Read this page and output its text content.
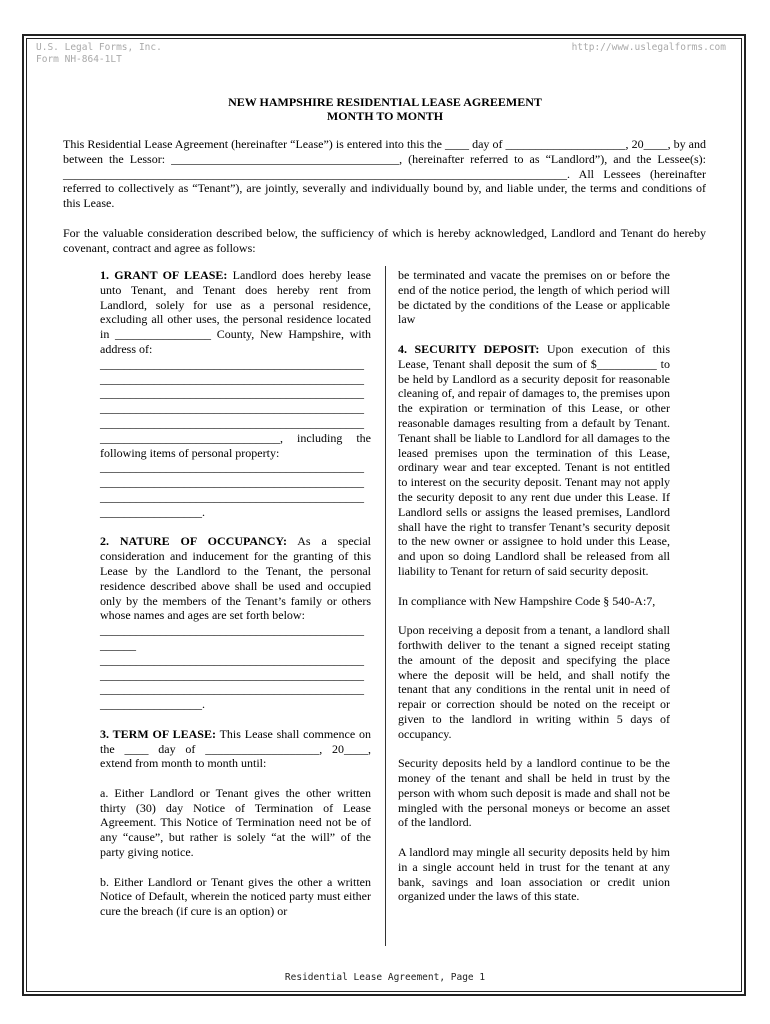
U.S. Legal Forms, Inc.
Form NH-864-1LT
http://www.uslegalforms.com
NEW HAMPSHIRE RESIDENTIAL LEASE AGREEMENT
MONTH TO MONTH

This Residential Lease Agreement (hereinafter “Lease”) is entered into this the ____ day of ____________________, 20____, by and between the Lessor: ______________________________________, (hereinafter referred to as “Landlord”), and the Lessee(s): ____________________________________________________________________________________. All Lessees (hereinafter referred to collectively as “Tenant”), are jointly, severally and individually bound by, and liable under, the terms and conditions of this Lease.

For the valuable consideration described below, the sufficiency of which is hereby acknowledged, Landlord and Tenant do hereby covenant, contract and agree as follows:

1. GRANT OF LEASE: Landlord does hereby lease unto Tenant, and Tenant does hereby rent from Landlord, solely for use as a personal residence, excluding all other uses, the personal residence located in ________________ County, New Hampshire, with address of:
____________________________________________
____________________________________________
____________________________________________
____________________________________________
____________________________________________
______________________________, including the following items of personal property:
____________________________________________
____________________________________________
____________________________________________
_________________.

2. NATURE OF OCCUPANCY: As a special consideration and inducement for the granting of this Lease by the Landlord to the Tenant, the personal residence described above shall be used and occupied only by the members of the Tenant’s family or others whose names and ages are set forth below:
____________________________________________
______
____________________________________________
____________________________________________
____________________________________________
_________________.

3. TERM OF LEASE: This Lease shall commence on the ____ day of ___________________, 20____, extend from month to month until:

a. Either Landlord or Tenant gives the other written thirty (30) day Notice of Termination of Lease Agreement. This Notice of Termination need not be of any “cause”, but rather is solely “at the will” of the party giving notice.

b. Either Landlord or Tenant gives the other a written Notice of Default, wherein the noticed party must either cure the breach (if cure is an option) or

be terminated and vacate the premises on or before the end of the notice period, the length of which period will be dictated by the conditions of the Lease or applicable law

4. SECURITY DEPOSIT: Upon execution of this Lease, Tenant shall deposit the sum of $__________ to be held by Landlord as a security deposit for reasonable cleaning of, and repair of damages to, the premises upon the expiration or termination of this Lease, or other reasonable damages resulting from a default by Tenant. Tenant shall be liable to Landlord for all damages to the leased premises upon the termination of this Lease, ordinary wear and tear excepted. Tenant is not entitled to interest on the security deposit. Tenant may not apply the security deposit to any rent due under this Lease. If Landlord sells or assigns the leased premises, Landlord shall have the right to transfer Tenant’s security deposit to the new owner or assignee to hold under this Lease, and upon so doing Landlord shall be released from all liability to Tenant for return of said security deposit.

In compliance with New Hampshire Code § 540-A:7,

Upon receiving a deposit from a tenant, a landlord shall forthwith deliver to the tenant a signed receipt stating the amount of the deposit and specifying the place where the deposit will be held, and shall notify the tenant that any conditions in the rental unit in need of repair or correction should be noted on the receipt or given to the landlord in writing within 5 days of occupancy.

Security deposits held by a landlord continue to be the money of the tenant and shall be held in trust by the person with whom such deposit is made and shall not be mingled with the personal moneys or become an asset of the landlord.

A landlord may mingle all security deposits held by him in a single account held in trust for the tenant at any bank, savings and loan association or credit union organized under the laws of this state.

Residential Lease Agreement, Page 1
